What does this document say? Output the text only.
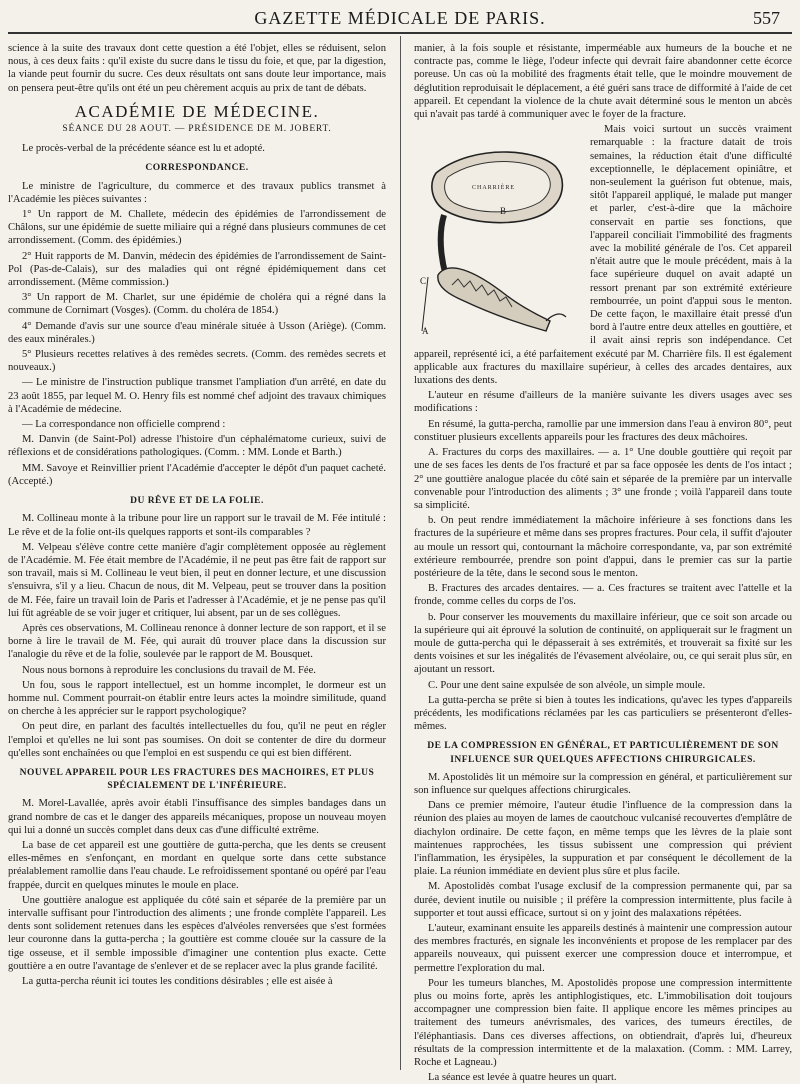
GAZETTE MÉDICALE DE PARIS.	557

science à la suite des travaux dont cette question a été l'objet, elles se réduisent, selon nous, à ces deux faits : qu'il existe du sucre dans le tissu du foie, et que, par la digestion, la viande peut fournir du sucre. Ces deux résultats ont sans doute leur importance, mais on pensera peut-être qu'ils ont été un peu chèrement acquis au prix de tant de débats.

ACADÉMIE DE MÉDECINE.
SÉANCE DU 28 AOUT. — PRÉSIDENCE DE M. JOBERT.

Le procès-verbal de la précédente séance est lu et adopté.

CORRESPONDANCE.

Le ministre de l'agriculture, du commerce et des travaux publics transmet à l'Académie les pièces suivantes :

1° Un rapport de M. Challete, médecin des épidémies de l'arrondissement de Châlons, sur une épidémie de suette miliaire qui a régné dans plusieurs communes de cet arrondissement. (Comm. des épidémies.)

2° Huit rapports de M. Danvin, médecin des épidémies de l'arrondissement de Saint-Pol (Pas-de-Calais), sur des maladies qui ont régné épidémiquement dans cet arrondissement. (Même commission.)

3° Un rapport de M. Charlet, sur une épidémie de choléra qui a régné dans la commune de Cornimart (Vosges). (Comm. du choléra de 1854.)

4° Demande d'avis sur une source d'eau minérale située à Usson (Ariège). (Comm. des eaux minérales.)

5° Plusieurs recettes relatives à des remèdes secrets. (Comm. des remèdes secrets et nouveaux.)

— Le ministre de l'instruction publique transmet l'ampliation d'un arrêté, en date du 23 août 1855, par lequel M. O. Henry fils est nommé chef adjoint des travaux chimiques à l'Académie de médecine.

— La correspondance non officielle comprend :

M. Danvin (de Saint-Pol) adresse l'histoire d'un céphalématome curieux, suivi de réflexions et de considérations pathologiques. (Comm. : MM. Londe et Barth.)

MM. Savoye et Reinvillier prient l'Académie d'accepter le dépôt d'un paquet cacheté. (Accepté.)

DU RÊVE ET DE LA FOLIE.

M. Collineau monte à la tribune pour lire un rapport sur le travail de M. Fée intitulé : Le rêve et de la folie ont-ils quelques rapports et sont-ils comparables ?

M. Velpeau s'élève contre cette manière d'agir complètement opposée au règlement de l'Académie. M. Fée était membre de l'Académie, il ne peut pas être fait de rapport sur son travail, mais si M. Collineau le veut bien, il peut en donner lecture, et une discussion s'ensuivra, s'il y a lieu. Chacun de nous, dit M. Velpeau, peut se trouver dans la position de M. Fée, faire un travail loin de Paris et l'adresser à l'Académie, et je ne pense pas qu'il lui fût agréable de se voir juger et critiquer, lui absent, par un de ses collègues.

Après ces observations, M. Collineau renonce à donner lecture de son rapport, et il se borne à lire le travail de M. Fée, qui aurait dû trouver place dans la discussion sur l'analogie du rêve et de la folie, soulevée par le rapport de M. Bousquet.

Nous nous bornons à reproduire les conclusions du travail de M. Fée.

Un fou, sous le rapport intellectuel, est un homme incomplet, le dormeur est un homme nul. Comment pourrait-on établir entre leurs actes la moindre similitude, quand on cherche à les apprécier sur le rapport psychologique?

On peut dire, en parlant des facultés intellectuelles du fou, qu'il ne peut en régler l'emploi et qu'elles ne lui sont pas soumises. On doit se contenter de dire du dormeur qu'elles sont enchaînées ou que l'emploi en est suspendu ce qui est bien différent.

NOUVEL APPAREIL POUR LES FRACTURES DES MACHOIRES, ET PLUS SPÉCIALEMENT DE L'INFÉRIEURE.

M. Morel-Lavallée, après avoir établi l'insuffisance des simples bandages dans un grand nombre de cas et le danger des appareils mécaniques, propose un nouveau moyen qui lui a donné un succès complet dans deux cas d'une difficulté extrême.

La base de cet appareil est une gouttière de gutta-percha, que les dents se creusent elles-mêmes en s'enfonçant, en mordant en quelque sorte dans cette substance préalablement ramollie dans l'eau chaude. Le refroidissement spontané ou opéré par l'eau frappée, durcit en quelques minutes le moule en place.

Une gouttière analogue est appliquée du côté sain et séparée de la première par un intervalle suffisant pour l'introduction des aliments ; une fronde complète l'appareil. Les dents sont solidement retenues dans les espèces d'alvéoles renversées que s'est formées leur couronne dans la gutta-percha ; la gouttière est comme clouée sur la cassure de la tige osseuse, et il semble impossible d'imaginer une contention plus exacte. Cette gouttière a en outre l'avantage de s'enlever et de se replacer avec la plus grande facilité.

La gutta-percha réunit ici toutes les conditions désirables ; elle est aisée à

manier, à la fois souple et résistante, imperméable aux humeurs de la bouche et ne contracte pas, comme le liège, l'odeur infecte qui devrait faire abandonner cette écorce poreuse. Un cas où la mobilité des fragments était telle, que le moindre mouvement de déglutition reproduisait le déplacement, a été guéri sans trace de difformité à l'aide de cet appareil. Et cependant la violence de la chute avait déterminé sous le menton un abcès qui n'avait pas tardé à communiquer avec le foyer de la fracture.

CHARRIÈRE
B
C
A

Mais voici surtout un succès vraiment remarquable : la fracture datait de trois semaines, la réduction était d'une difficulté exceptionnelle, le déplacement opiniâtre, et non-seulement la guérison fut obtenue, mais, sitôt l'appareil appliqué, le malade put manger et parler, c'est-à-dire que la mâchoire conservait en partie ses fonctions, que l'appareil conciliait l'immobilité des fragments avec la mobilité générale de l'os. Cet appareil n'était autre que le moule précédent, mais à la face supérieure duquel on avait adapté un ressort prenant par son extrémité extérieure rembourrée, un point d'appui sous le menton. De cette façon, le maxillaire était pressé d'un bord à l'autre entre deux attelles en gouttière, et il avait ainsi repris son indépendance. Cet appareil, représenté ici, a été parfaitement exécuté par M. Charrière fils. Il est également applicable aux fractures du maxillaire supérieur, à celles des arcades dentaires, aux luxations des dents.

L'auteur en résume d'ailleurs de la manière suivante les divers usages avec ses modifications :

En résumé, la gutta-percha, ramollie par une immersion dans l'eau à environ 80°, peut constituer plusieurs excellents appareils pour les fractures des deux mâchoires.

A. Fractures du corps des maxillaires. — a. 1° Une double gouttière qui reçoit par une de ses faces les dents de l'os fracturé et par sa face opposée les dents de l'os intact ; 2° une gouttière analogue placée du côté sain et séparée de la première par un intervalle convenable pour l'introduction des aliments ; 3° une fronde ; voilà l'appareil dans toute sa simplicité.

b. On peut rendre immédiatement la mâchoire inférieure à ses fonctions dans les fractures de la supérieure et même dans ses propres fractures. Pour cela, il suffit d'ajouter au moule un ressort qui, contournant la mâchoire correspondante, va, par son extrémité extérieure rembourrée, prendre son point d'appui, dans le premier cas sur la partie postérieure de la tête, dans le second sous le menton.

B. Fractures des arcades dentaires. — a. Ces fractures se traitent avec l'attelle et la fronde, comme celles du corps de l'os.

b. Pour conserver les mouvements du maxillaire inférieur, que ce soit son arcade ou la supérieure qui ait éprouvé la solution de continuité, on appliquerait sur le fragment un moule de gutta-percha qui le dépasserait à ses extrémités, et trouverait sa fixité sur les dents voisines et sur les inégalités de l'évasement alvéolaire, ou, ce qui serait plus sûr, en ajoutant un ressort.

C. Pour une dent saine expulsée de son alvéole, un simple moule.

La gutta-percha se prête si bien à toutes les indications, qu'avec les types d'appareils précédents, les modifications réclamées par les cas particuliers se présenteront d'elles-mêmes.

DE LA COMPRESSION EN GÉNÉRAL, ET PARTICULIÈREMENT DE SON INFLUENCE SUR QUELQUES AFFECTIONS CHIRURGICALES.

M. Apostolidès lit un mémoire sur la compression en général, et particulièrement sur son influence sur quelques affections chirurgicales.

Dans ce premier mémoire, l'auteur étudie l'influence de la compression dans la réunion des plaies au moyen de lames de caoutchouc vulcanisé recouvertes d'emplâtre de diachylon ordinaire. De cette façon, en même temps que les lèvres de la plaie sont maintenues rapprochées, les tissus subissent une compression qui prévient l'inflammation, les érysipèles, la suppuration et par conséquent le décollement de la plaie. La réunion immédiate en devient plus sûre et plus facile.

M. Apostolidès combat l'usage exclusif de la compression permanente qui, par sa durée, devient inutile ou nuisible ; il préfère la compression intermittente, plus facile à supporter et tout aussi efficace, surtout si on y joint des malaxations répétées.

L'auteur, examinant ensuite les appareils destinés à maintenir une compression autour des membres fracturés, en signale les inconvénients et propose de les remplacer par des appareils nouveaux, qui puissent exercer une compression douce et interrompue, et permettre l'exploration du mal.

Pour les tumeurs blanches, M. Apostolidès propose une compression intermittente plus ou moins forte, après les antiphlogistiques, etc. L'immobilisation doit toujours accompagner une compression bien faite. Il applique encore les mêmes principes au traitement des tumeurs anévrismales, des varices, des tumeurs érectiles, de l'éléphantiasis. Dans ces diverses affections, on obtiendrait, d'après lui, d'heureux résultats de la compression intermittente et de la malaxation. (Comm. : MM. Larrey, Roche et Lagneau.)

La séance est levée à quatre heures un quart.
